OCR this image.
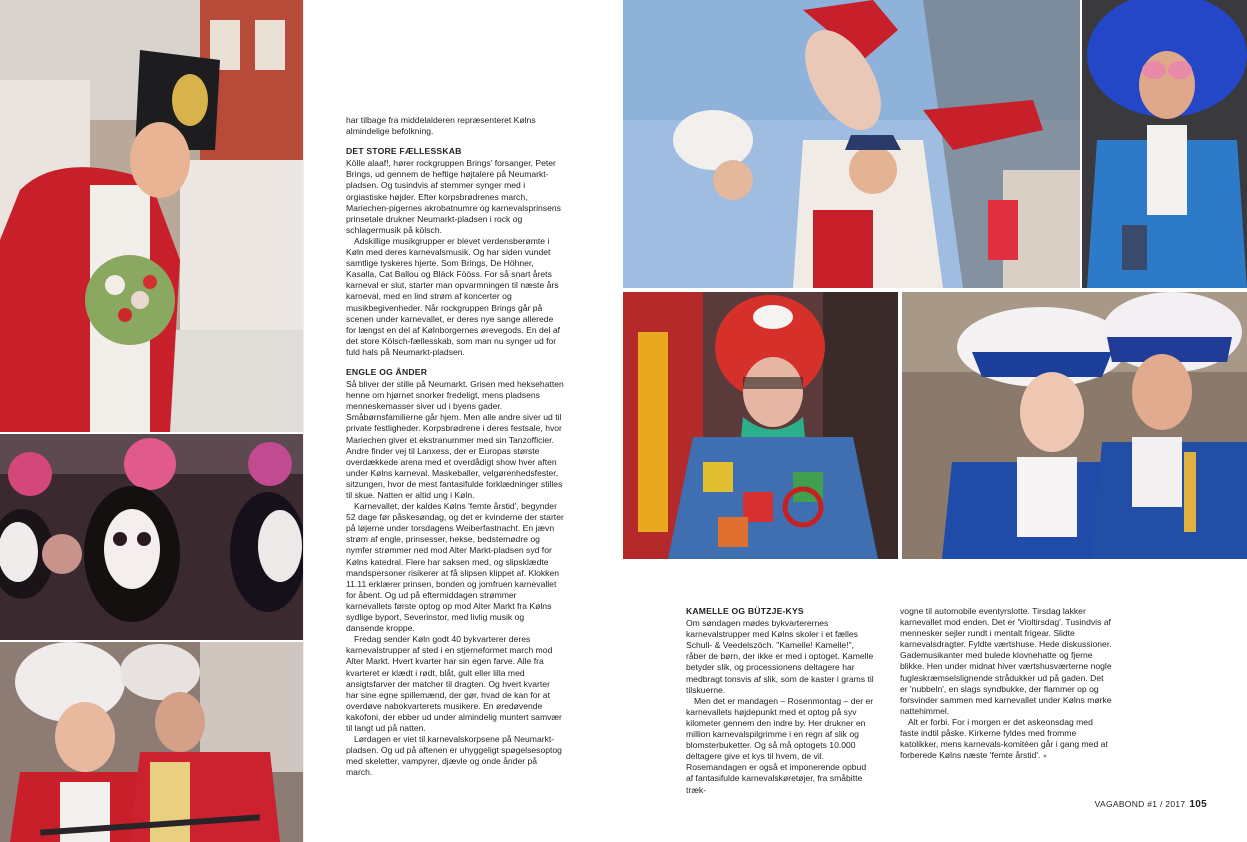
har tilbage fra middelalderen repræsenteret Kølns almindelige befolkning.

DET STORE FÆLLESSKAB

Kölle alaaf!, hører rockgruppen Brings' forsanger, Peter Brings, ud gennem de heftige højtalere på Neumarkt-pladsen. Og tusindvis af stemmer synger med i orgiastiske højder. Efter korpsbrødrenes march, Mariechen-pigernes akrobatnumre og karnevalsprinsens prinsetale drukner Neumarkt-pladsen i rock og schlagermusik på kölsch.

Adskillige musikgrupper er blevet verdensberømte i Køln med deres karnevalsmusik. Og har siden vundet samtlige tyskeres hjerte. Som Brings, De Höhner, Kasalla, Cat Ballou og Bläck Fööss. For så snart årets karneval er slut, starter man opvarmningen til næste års karneval, med en lind strøm af koncerter og musikbegivenheder. Når rockgruppen Brings går på scenen under karnevallet, er deres nye sange allerede for længst en del af Kølnborgernes ørevegods. En del af det store Kölsch-fællesskab, som man nu synger ud for fuld hals på Neumarkt-pladsen.

ENGLE OG ÅNDER

Så bliver der stille på Neumarkt. Grisen med heksehatten henne om hjørnet snorker fredeligt, mens pladsens menneskemasser siver ud i byens gader. Småbørnsfamilierne går hjem. Men alle andre siver ud til private festligheder. Korpsbrødrene i deres festsale, hvor Mariechen giver et ekstranummer med sin Tanzofficier. Andre finder vej til Lanxess, der er Europas største overdækkede arena med et overdådigt show hver aften under Kølns karneval. Maskeballer, velgørenhedsfester, sitzungen, hvor de mest fantasifulde forklædninger stilles til skue. Natten er altid ung i Køln.

Karnevallet, der kaldes Kølns 'femte årstid', begynder 52 dage før påskesøndag, og det er kvinderne der starter på løjerne under torsdagens Weiberfastnacht. En jævn strøm af engle, prinsesser, hekse, bedstemødre og nymfer strømmer ned mod Alter Markt-pladsen syd for Kølns katedral. Flere har saksen med, og slipsklædte mandspersoner risikerer at få slipsen klippet af. Klokken 11.11 erklærer prinsen, bonden og jomfruen karnevallet for åbent. Og ud på eftermiddagen strømmer karnevallets første optog op mod Alter Markt fra Kølns sydlige byport, Severinstor, med livlig musik og dansende kroppe.

Fredag sender Køln godt 40 bykvarterer deres karnevalstrupper af sted i en stjerneformet march mod Alter Markt. Hvert kvarter har sin egen farve. Alle fra kvarteret er klædt i rødt, blåt, gult eller lilla med ansigtsfarver der matcher til dragten. Og hvert kvarter har sine egne spillemænd, der gør, hvad de kan for at overdøve nabokvarterets musikere. En øredøvende kakofoni, der ebber ud under almindelig muntert samvær til langt ud på natten.

Lørdagen er viet til karnevalskorpsene på Neumarkt-pladsen. Og ud på aftenen er uhyggeligt spøgelsesoptog med skeletter, vampyrer, djævle og onde ånder på march.

KAMELLE OG BÜTZJE-KYS

Om søndagen mødes bykvarterernes karnevalstrupper med Kølns skoler i et fælles Schull- & Veedelszöch. "Kamelle! Kamelle!", råber de børn, der ikke er med i optoget. Kamelle betyder slik, og processionens deltagere har medbragt tonsvis af slik, som de kaster i grams til tilskuerne.

Men det er mandagen – Rosenmontag – der er karnevallets højdepunkt med et optog på syv kilometer gennem den indre by. Her drukner en million karnevalspilgrimme i en regn af slik og blomsterbuketter. Og så må optogets 10.000 deltagere give et kys til hvem, de vil. Rosemandagen er også et imponerende opbud af fantasifulde karnevalskøretøjer, fra småbitte træk-

vogne til automobile eventyrslotte. Tirsdag lakker karnevallet mod enden. Det er 'Violtirsdag'. Tusindvis af mennesker sejler rundt i mentalt frigear. Slidte karnevalsdragter. Fyldte værtshuse. Hede diskussioner. Gademusikanter med bulede klovnehatte og fjerne blikke. Hen under midnat hiver værtshusværterne nogle fugleskræmselslignende strådukker ud på gaden. Det er 'nubbeln', en slags syndbukke, der flammer op og forsvinder sammen med karnevallet under Kølns mørke nattehimmel.

Alt er forbi. For i morgen er det askeonsdag med faste indtil påske. Kirkerne fyldes med fromme katolikker, mens karnevals-komitéen går i gang med at forberede Kølns næste 'femte årstid'. ●

VAGABOND #1 / 2017 105
